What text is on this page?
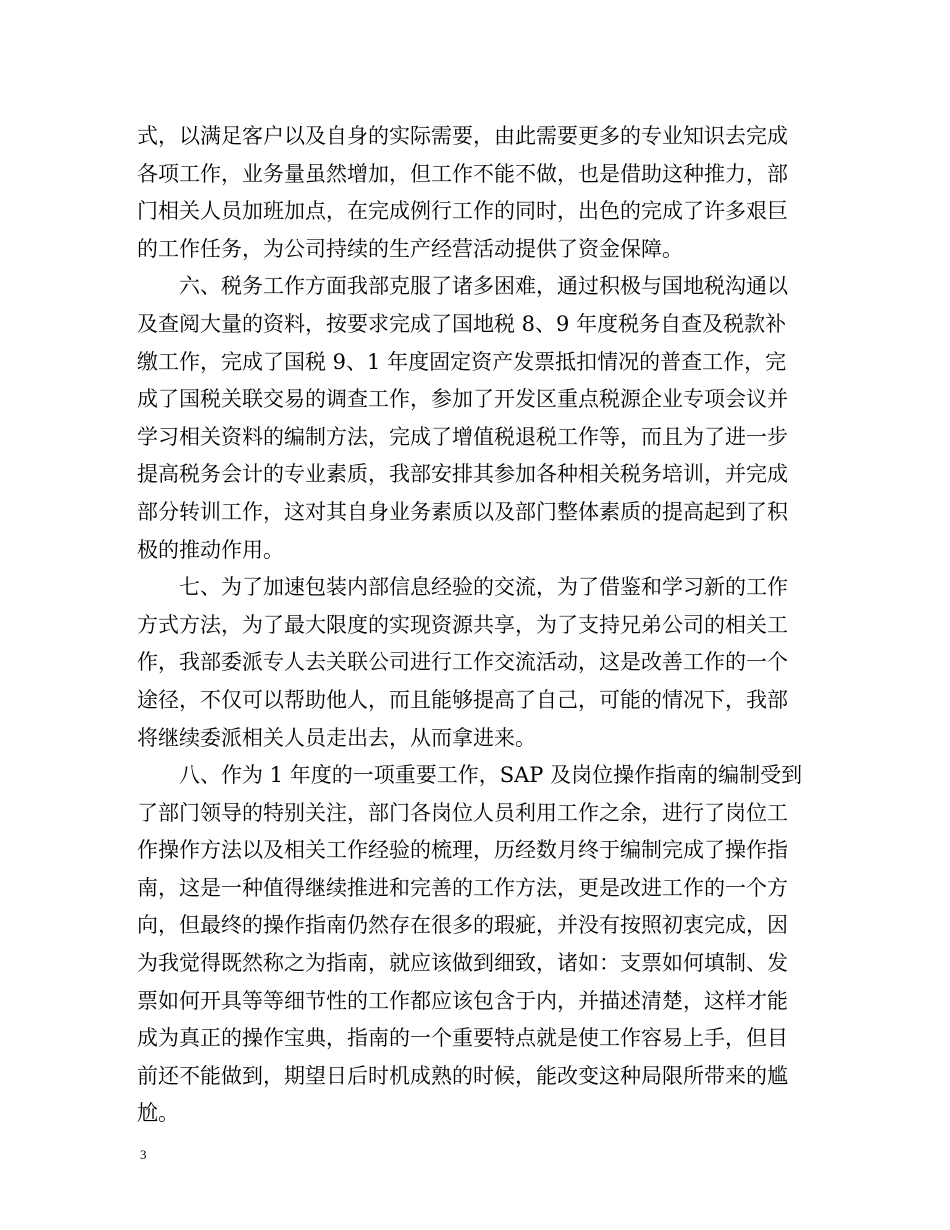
式，以满足客户以及自身的实际需要，由此需要更多的专业知识去完成
各项工作，业务量虽然增加，但工作不能不做，也是借助这种推力，部
门相关人员加班加点，在完成例行工作的同时，出色的完成了许多艰巨
的工作任务，为公司持续的生产经营活动提供了资金保障。
六、税务工作方面我部克服了诸多困难，通过积极与国地税沟通以
及查阅大量的资料，按要求完成了国地税 8、9 年度税务自查及税款补
缴工作，完成了国税 9、1 年度固定资产发票抵扣情况的普查工作，完
成了国税关联交易的调查工作，参加了开发区重点税源企业专项会议并
学习相关资料的编制方法，完成了增值税退税工作等，而且为了进一步
提高税务会计的专业素质，我部安排其参加各种相关税务培训，并完成
部分转训工作，这对其自身业务素质以及部门整体素质的提高起到了积
极的推动作用。
七、为了加速包装内部信息经验的交流，为了借鉴和学习新的工作
方式方法，为了最大限度的实现资源共享，为了支持兄弟公司的相关工
作，我部委派专人去关联公司进行工作交流活动，这是改善工作的一个
途径，不仅可以帮助他人，而且能够提高了自己，可能的情况下，我部
将继续委派相关人员走出去，从而拿进来。
八、作为 1 年度的一项重要工作，SAP 及岗位操作指南的编制受到
了部门领导的特别关注，部门各岗位人员利用工作之余，进行了岗位工
作操作方法以及相关工作经验的梳理，历经数月终于编制完成了操作指
南，这是一种值得继续推进和完善的工作方法，更是改进工作的一个方
向，但最终的操作指南仍然存在很多的瑕疵，并没有按照初衷完成，因
为我觉得既然称之为指南，就应该做到细致，诸如：支票如何填制、发
票如何开具等等细节性的工作都应该包含于内，并描述清楚，这样才能
成为真正的操作宝典，指南的一个重要特点就是使工作容易上手，但目
前还不能做到，期望日后时机成熟的时候，能改变这种局限所带来的尴
尬。
3
